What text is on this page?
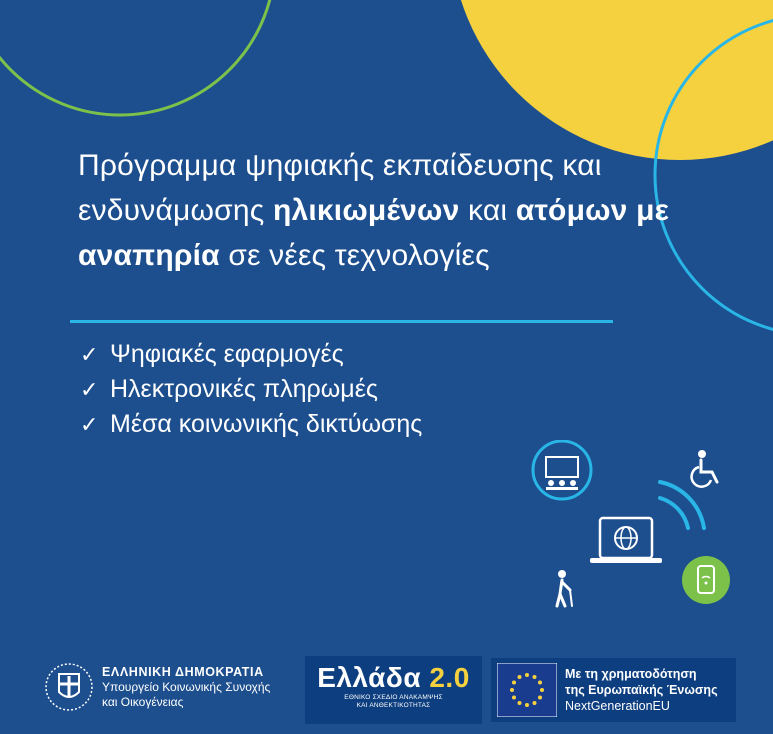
Πρόγραμμα ψηφιακής εκπαίδευσης και ενδυνάμωσης ηλικιωμένων και ατόμων με αναπηρία σε νέες τεχνολογίες
✓ Ψηφιακές εφαρμογές
✓ Ηλεκτρονικές πληρωμές
✓ Μέσα κοινωνικής δικτύωσης
ΕΛΛΗΝΙΚΗ ΔΗΜΟΚΡΑΤΙΑ
Υπουργείο Κοινωνικής Συνοχής
και Οικογένειας
Ελλάδα 2.0
ΕΘΝΙΚΟ ΣΧΕΔΙΟ ΑΝΑΚΑΜΨΗΣ
ΚΑΙ ΑΝΘΕΚΤΙΚΟΤΗΤΑΣ
Με τη χρηματοδότηση
της Ευρωπαϊκής Ένωσης
NextGenerationEU
